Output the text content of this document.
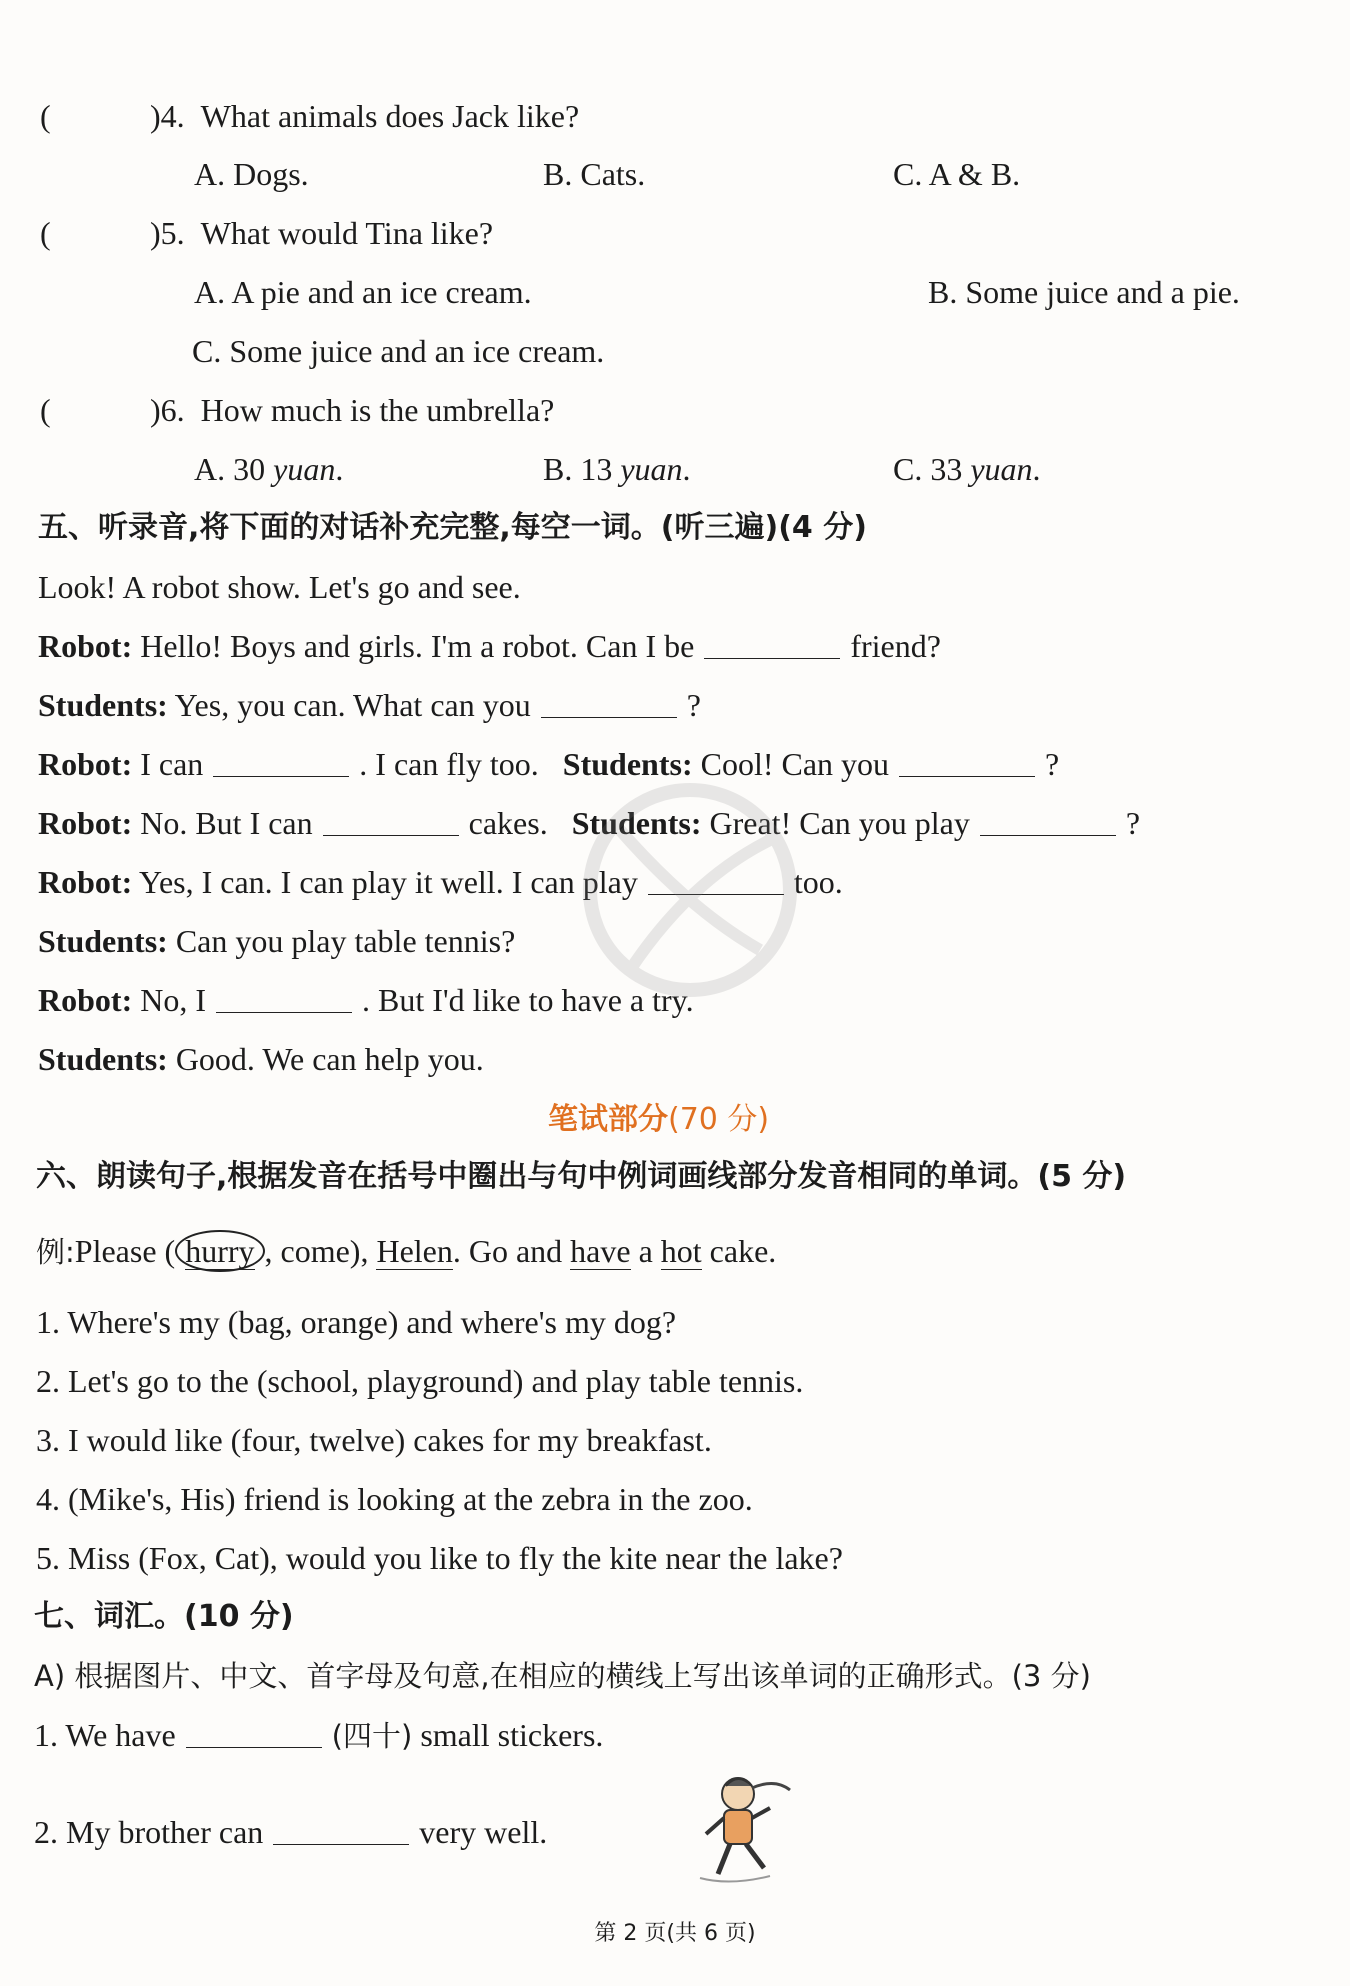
(	)4. What animals does Jack like?
A. Dogs.	B. Cats.	C. A & B.
(	)5. What would Tina like?
A. A pie and an ice cream.	B. Some juice and a pie.
C. Some juice and an ice cream.
(	)6. How much is the umbrella?
A. 30 yuan.	B. 13 yuan.	C. 33 yuan.
五、听录音,将下面的对话补充完整,每空一词。(听三遍)(4 分)
Look! A robot show. Let's go and see.
Robot: Hello! Boys and girls. I'm a robot. Can I be	friend?
Students: Yes, you can. What can you	?
Robot: I can	. I can fly too. Students: Cool! Can you	?
Robot: No. But I can	cakes. Students: Great! Can you play	?
Robot: Yes, I can. I can play it well. I can play	too.
Students: Can you play table tennis?
Robot: No, I	. But I'd like to have a try.
Students: Good. We can help you.
笔试部分(70 分)
六、朗读句子,根据发音在括号中圈出与句中例词画线部分发音相同的单词。(5 分)
例:Please ( hurry , come), Helen. Go and have a hot cake.
1. Where's my (bag, orange) and where's my dog?
2. Let's go to the (school, playground) and play table tennis.
3. I would like (four, twelve) cakes for my breakfast.
4. (Mike's, His) friend is looking at the zebra in the zoo.
5. Miss (Fox, Cat), would you like to fly the kite near the lake?
七、词汇。(10 分)
A) 根据图片、中文、首字母及句意,在相应的横线上写出该单词的正确形式。(3 分)
1. We have	(四十) small stickers.
2. My brother can	very well.
第 2 页(共 6 页)
